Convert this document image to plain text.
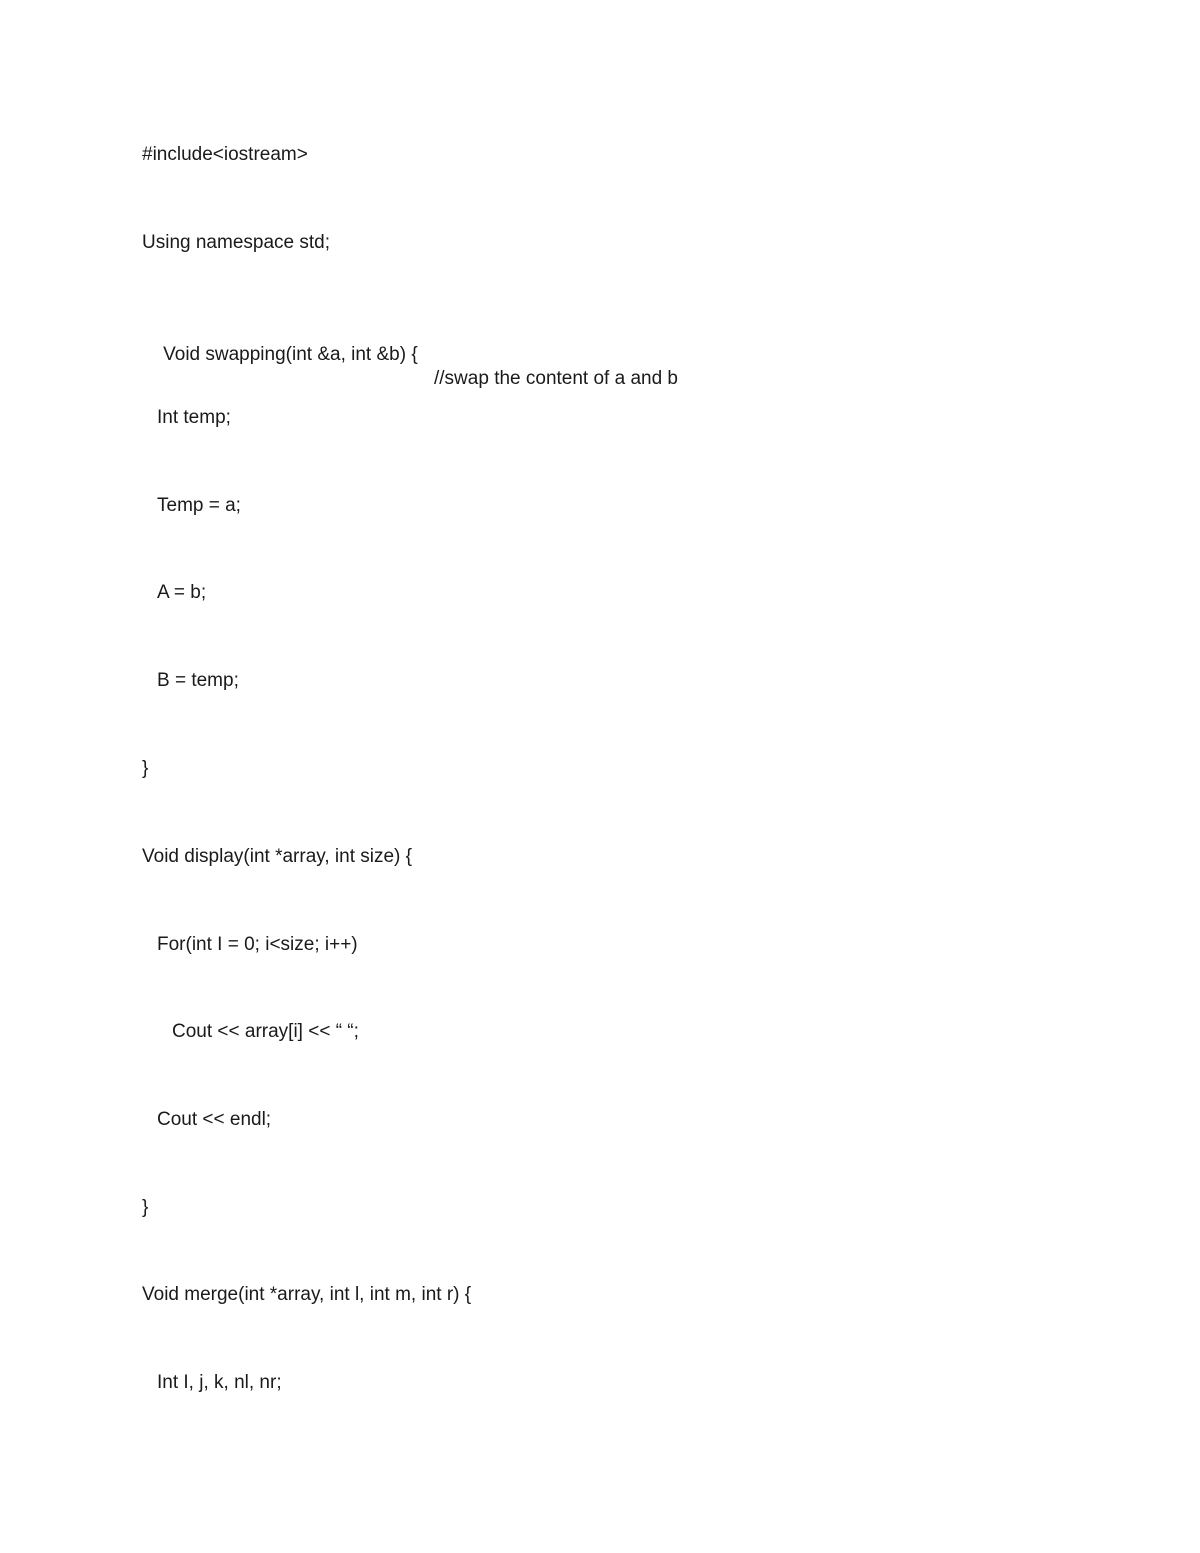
#include<iostream>
Using namespace std;

Void swapping(int &a, int &b) {

//swap the content of a and b

Int temp;
Temp = a;
A = b;
B = temp;
}
Void display(int *array, int size) {
For(int I = 0; i<size; i++)
Cout << array[i] << “ “;
Cout << endl;
}
Void merge(int *array, int l, int m, int r) {
Int I, j, k, nl, nr;
